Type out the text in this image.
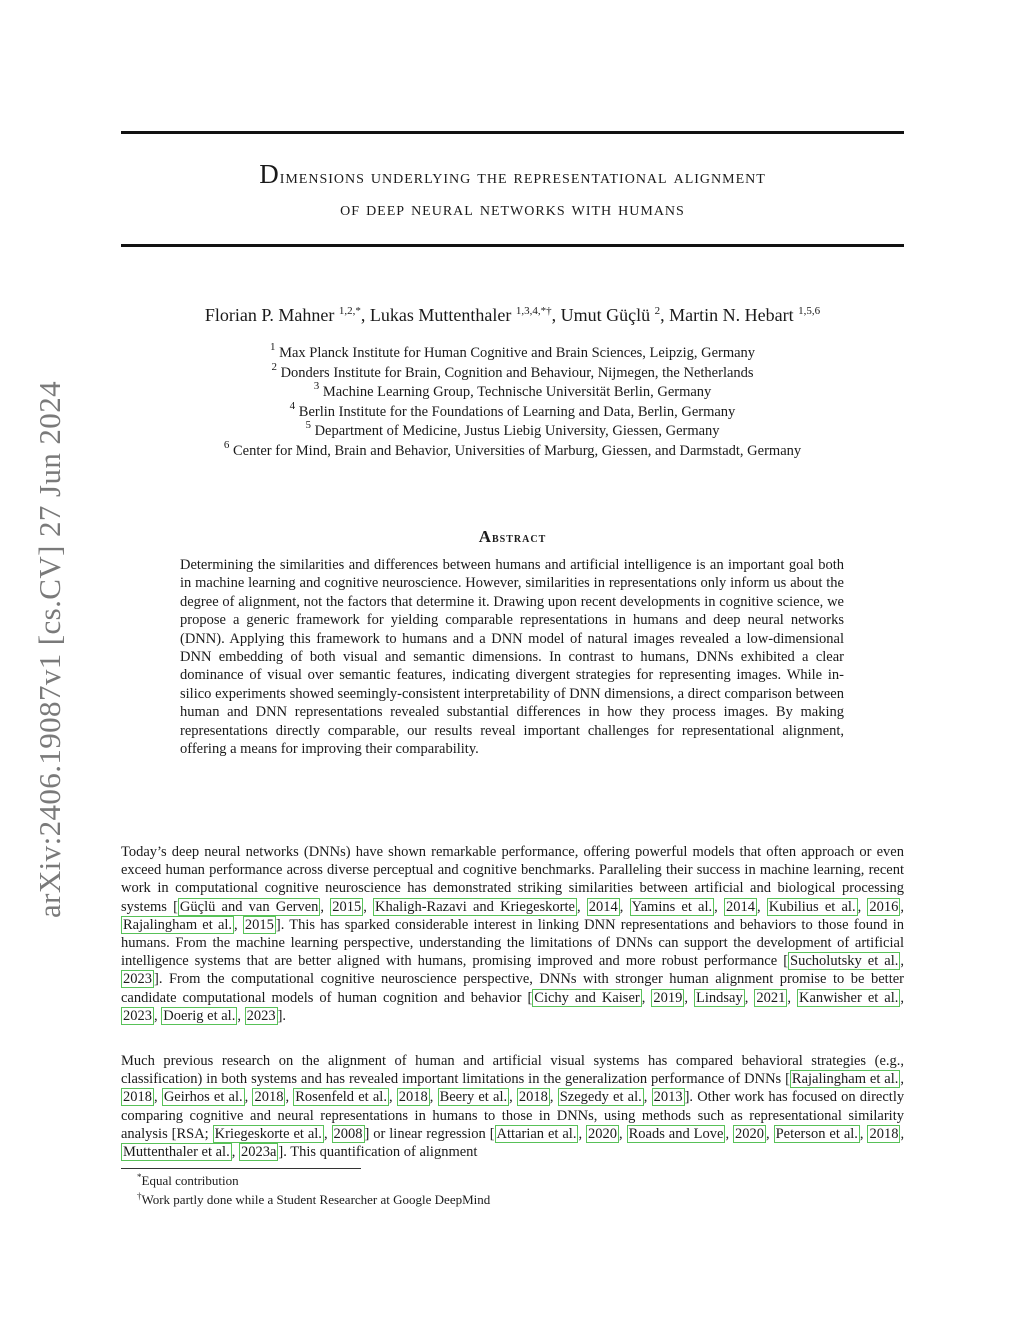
arXiv:2406.19087v1 [cs.CV] 27 Jun 2024
Dimensions underlying the representational alignment
of deep neural networks with humans
Florian P. Mahner $^{1,2,*}$, Lukas Muttenthaler $^{1,3,4,*\dagger}$, Umut Güçlü $^2$, Martin N. Hebart $^{1,5,6}$
$^1$ Max Planck Institute for Human Cognitive and Brain Sciences, Leipzig, Germany
$^2$ Donders Institute for Brain, Cognition and Behaviour, Nijmegen, the Netherlands
$^3$ Machine Learning Group, Technische Universität Berlin, Germany
$^4$ Berlin Institute for the Foundations of Learning and Data, Berlin, Germany
$^5$ Department of Medicine, Justus Liebig University, Giessen, Germany
$^6$ Center for Mind, Brain and Behavior, Universities of Marburg, Giessen, and Darmstadt, Germany
Abstract

Determining the similarities and differences between humans and artificial intelligence is an important goal both in machine learning and cognitive neuroscience. However, similarities in representations only inform us about the degree of alignment, not the factors that determine it. Drawing upon recent developments in cognitive science, we propose a generic framework for yielding comparable representations in humans and deep neural networks (DNN). Applying this framework to humans and a DNN model of natural images revealed a low-dimensional DNN embedding of both visual and semantic dimensions. In contrast to humans, DNNs exhibited a clear dominance of visual over semantic features, indicating divergent strategies for representing images. While in-silico experiments showed seemingly-consistent interpretability of DNN dimensions, a direct comparison between human and DNN representations revealed substantial differences in how they process images. By making representations directly comparable, our results reveal important challenges for representational alignment, offering a means for improving their comparability.

Today’s deep neural networks (DNNs) have shown remarkable performance, offering powerful models that often approach or even exceed human performance across diverse perceptual and cognitive benchmarks. Paralleling their success in machine learning, recent work in computational cognitive neuroscience has demonstrated striking similarities between artificial and biological processing systems [ Güçlü and van Gerven , 2015 , Khaligh-Razavi and Kriegeskorte , 2014 , Yamins et al. , 2014 , Kubilius et al. , 2016 , Rajalingham et al. , 2015 ]. This has sparked considerable interest in linking DNN representations and behaviors to those found in humans. From the machine learning perspective, understanding the limitations of DNNs can support the development of artificial intelligence systems that are better aligned with humans, promising improved and more robust performance [ Sucholutsky et al. , 2023 ]. From the computational cognitive neuroscience perspective, DNNs with stronger human alignment promise to be better candidate computational models of human cognition and behavior [ Cichy and Kaiser , 2019 , Lindsay , 2021 , Kanwisher et al. , 2023 , Doerig et al. , 2023 ].

Much previous research on the alignment of human and artificial visual systems has compared behavioral strategies (e.g., classification) in both systems and has revealed important limitations in the generalization performance of DNNs [ Rajalingham et al. , 2018 , Geirhos et al. , 2018 , Rosenfeld et al. , 2018 , Beery et al. , 2018 , Szegedy et al. , 2013 ]. Other work has focused on directly comparing cognitive and neural representations in humans to those in DNNs, using methods such as representational similarity analysis [RSA; Kriegeskorte et al. , 2008 ] or linear regression [ Attarian et al. , 2020 , Roads and Love , 2020 , Peterson et al. , 2018 , Muttenthaler et al. , 2023a ]. This quantification of alignment

*Equal contribution
†Work partly done while a Student Researcher at Google DeepMind
